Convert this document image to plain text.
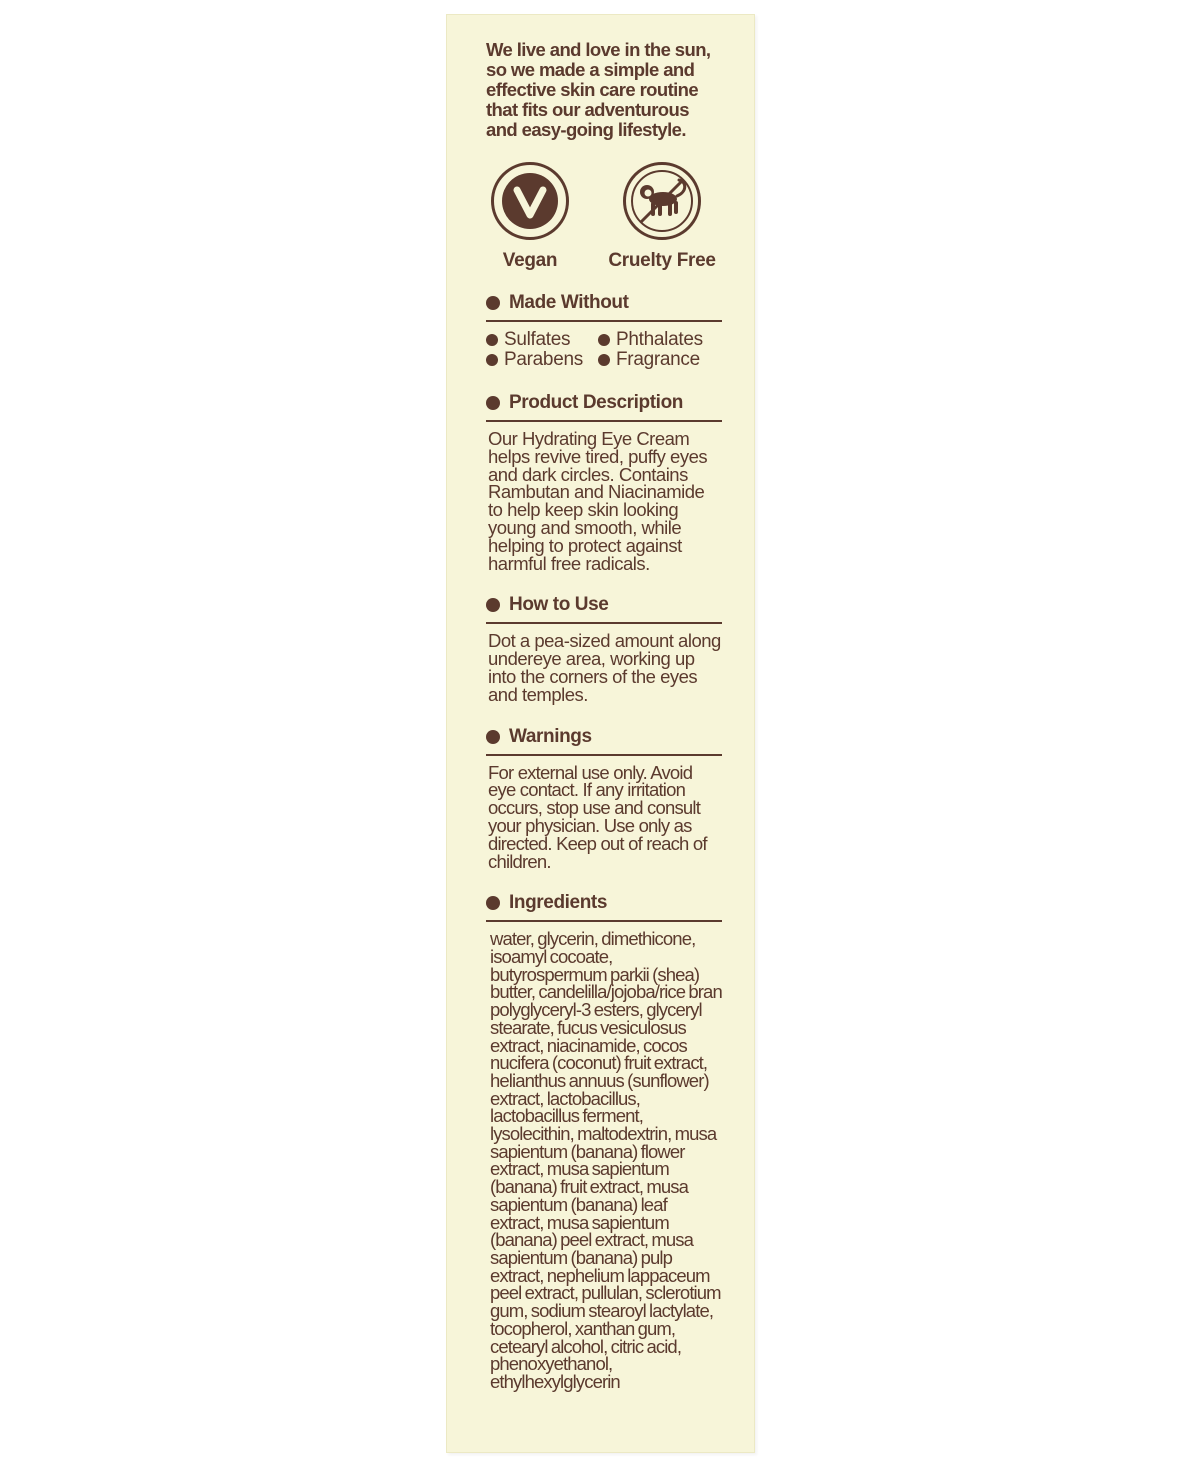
We live and love in the sun, so we made a simple and effective skin care routine that fits our adventurous and easy-going lifestyle.

Vegan	Cruelty Free
Made Without
Sulfates Phthalates
Parabens Fragrance
Product Description

Our Hydrating Eye Cream helps revive tired, puffy eyes and dark circles. Contains Rambutan and Niacinamide to help keep skin looking young and smooth, while helping to protect against harmful free radicals.

How to Use

Dot a pea-sized amount along undereye area, working up into the corners of the eyes and temples.

Warnings

For external use only. Avoid eye contact. If any irritation occurs, stop use and consult your physician. Use only as directed. Keep out of reach of children.

Ingredients

water, glycerin, dimethicone, isoamyl cocoate, butyrospermum parkii (shea) butter, candelilla/jojoba/rice bran polyglyceryl-3 esters, glyceryl stearate, fucus vesiculosus extract, niacinamide, cocos nucifera (coconut) fruit extract, helianthus annuus (sunflower) extract, lactobacillus, lactobacillus ferment, lysolecithin, maltodextrin, musa sapientum (banana) flower extract, musa sapientum (banana) fruit extract, musa sapientum (banana) leaf extract, musa sapientum (banana) peel extract, musa sapientum (banana) pulp extract, nephelium lappaceum peel extract, pullulan, sclerotium gum, sodium stearoyl lactylate, tocopherol, xanthan gum, cetearyl alcohol, citric acid, phenoxyethanol, ethylhexylglycerin
